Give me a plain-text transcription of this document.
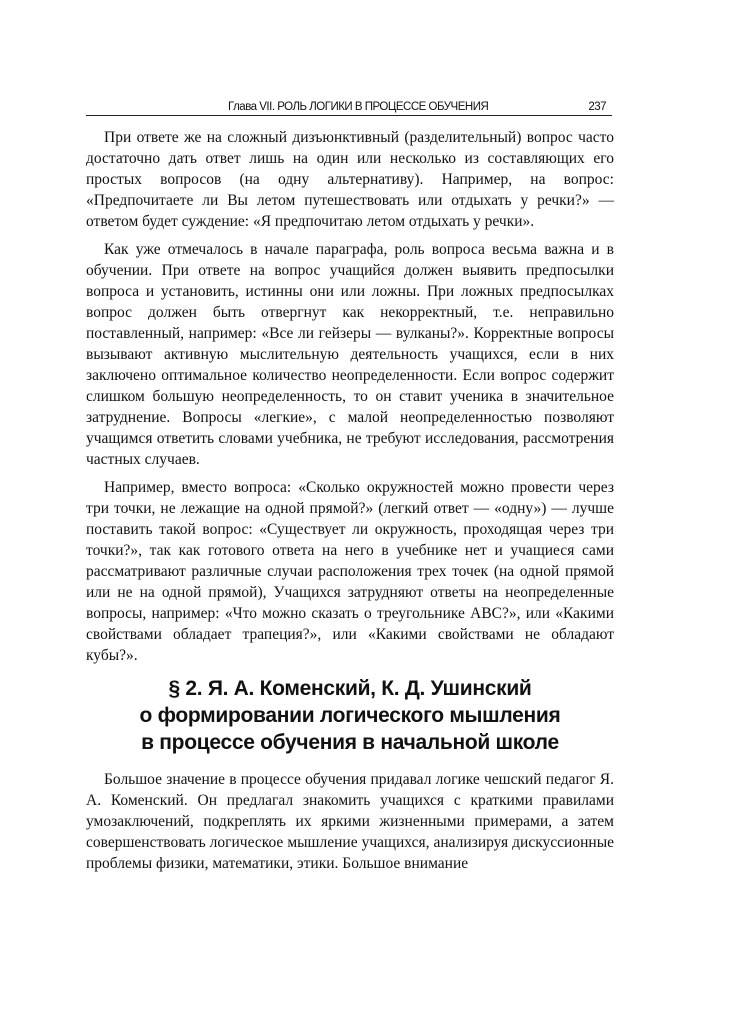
Глава VII. РОЛЬ ЛОГИКИ В ПРОЦЕССЕ ОБУЧЕНИЯ	237

При ответе же на сложный дизъюнктивный (разделительный) вопрос часто достаточно дать ответ лишь на один или несколько из составляющих его простых вопросов (на одну альтернативу). Например, на вопрос: «Предпочитаете ли Вы летом путешествовать или отдыхать у речки?» — ответом будет суждение: «Я предпочитаю летом отдыхать у речки».

Как уже отмечалось в начале параграфа, роль вопроса весьма важна и в обучении. При ответе на вопрос учащийся должен выявить предпосылки вопроса и установить, истинны они или ложны. При ложных предпосылках вопрос должен быть отвергнут как некорректный, т.е. неправильно поставленный, например: «Все ли гейзеры — вулканы?». Корректные вопросы вызывают активную мыслительную деятельность учащихся, если в них заключено оптимальное количество неопределенности. Если вопрос содержит слишком большую неопределенность, то он ставит ученика в значительное затруднение. Вопросы «легкие», с малой неопределенностью позволяют учащимся ответить словами учебника, не требуют исследования, рассмотрения частных случаев.

Например, вместо вопроса: «Сколько окружностей можно провести через три точки, не лежащие на одной прямой?» (легкий ответ — «одну») — лучше поставить такой вопрос: «Существует ли окружность, проходящая через три точки?», так как готового ответа на него в учебнике нет и учащиеся сами рассматривают различные случаи расположения трех точек (на одной прямой или не на одной прямой), Учащихся затрудняют ответы на неопределенные вопросы, например: «Что можно сказать о треугольнике ABC?», или «Какими свойствами обладает трапеция?», или «Какими свойствами не обладают кубы?».

§ 2. Я. А. Коменский, К. Д. Ушинский
о формировании логического мышления
в процессе обучения в начальной школе

Большое значение в процессе обучения придавал логике чешский педагог Я. А. Коменский. Он предлагал знакомить учащихся с краткими правилами умозаключений, подкреплять их яркими жизненными примерами, а затем совершенствовать логическое мышление учащихся, анализируя дискуссионные проблемы физики, математики, этики. Большое внимание
